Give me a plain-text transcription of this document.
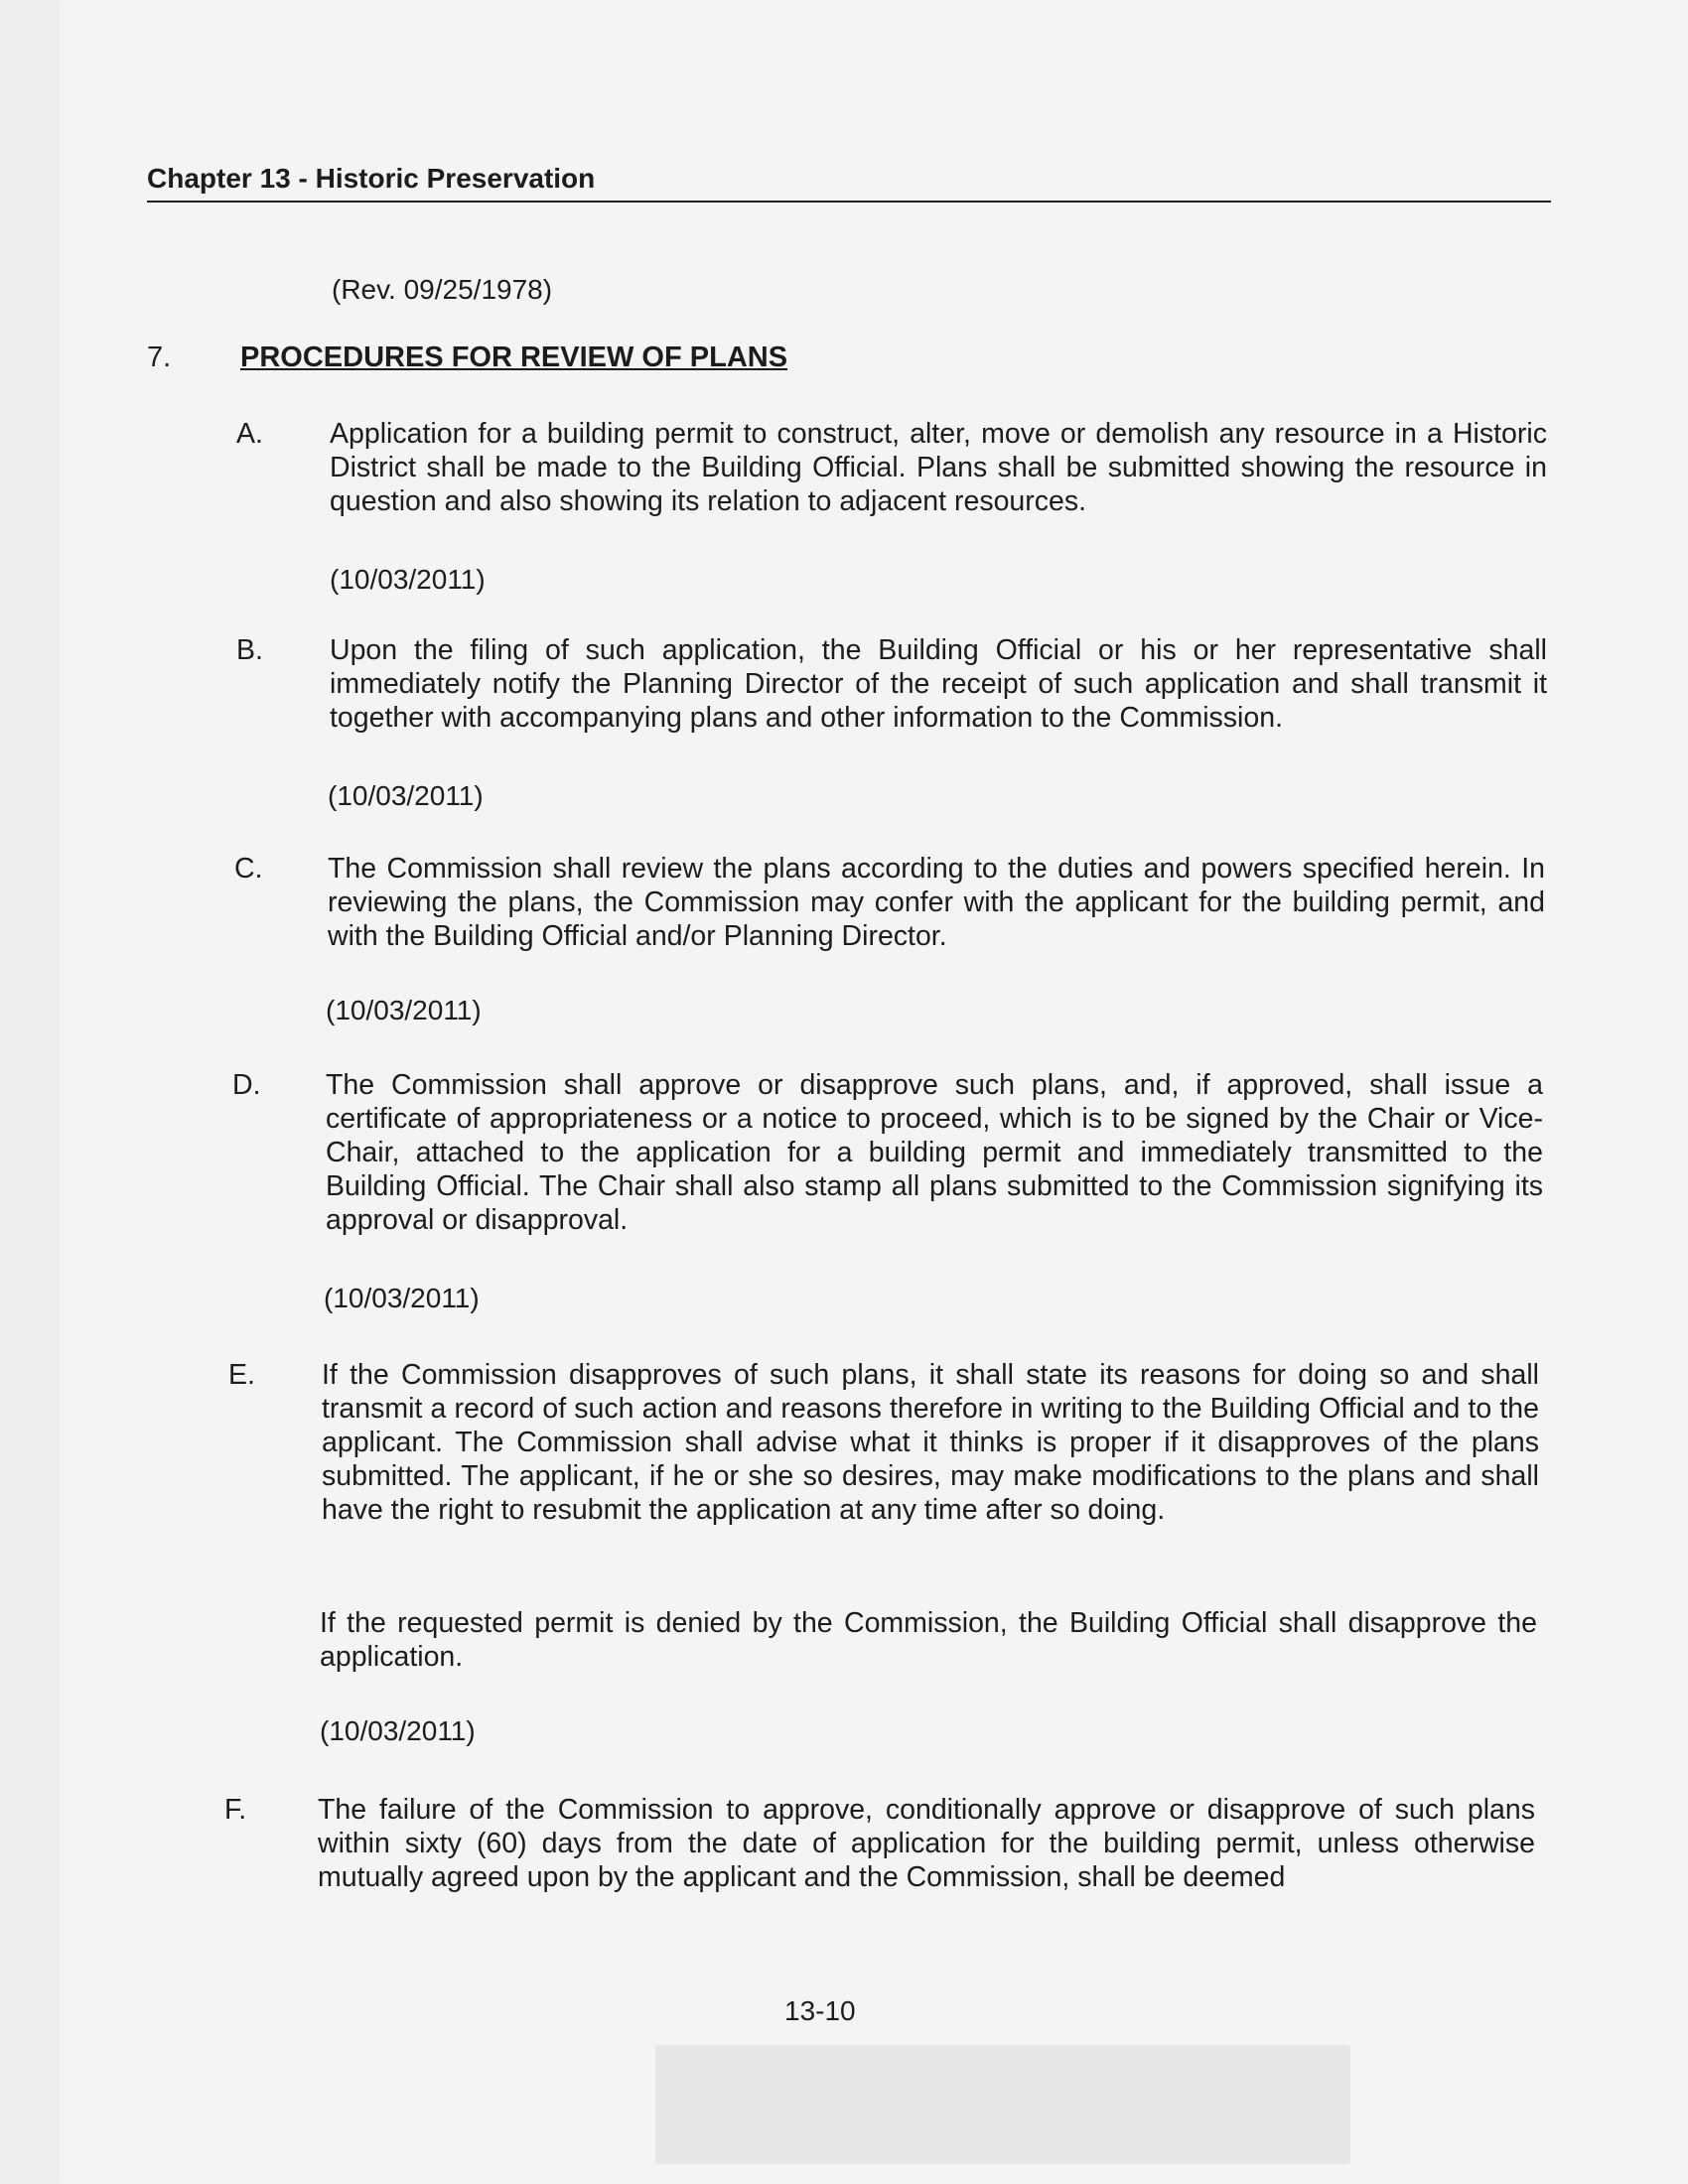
Chapter 13 - Historic Preservation
(Rev. 09/25/1978)
7. PROCEDURES FOR REVIEW OF PLANS
A. Application for a building permit to construct, alter, move or demolish any resource in a Historic District shall be made to the Building Official. Plans shall be submitted showing the resource in question and also showing its relation to adjacent resources.
(10/03/2011)
B. Upon the filing of such application, the Building Official or his or her representative shall immediately notify the Planning Director of the receipt of such application and shall transmit it together with accompanying plans and other information to the Commission.
(10/03/2011)
C. The Commission shall review the plans according to the duties and powers specified herein. In reviewing the plans, the Commission may confer with the applicant for the building permit, and with the Building Official and/or Planning Director.
(10/03/2011)
D. The Commission shall approve or disapprove such plans, and, if approved, shall issue a certificate of appropriateness or a notice to proceed, which is to be signed by the Chair or Vice- Chair, attached to the application for a building permit and immediately transmitted to the Building Official. The Chair shall also stamp all plans submitted to the Commission signifying its approval or disapproval.
(10/03/2011)
E. If the Commission disapproves of such plans, it shall state its reasons for doing so and shall transmit a record of such action and reasons therefore in writing to the Building Official and to the applicant. The Commission shall advise what it thinks is proper if it disapproves of the plans submitted. The applicant, if he or she so desires, may make modifications to the plans and shall have the right to resubmit the application at any time after so doing.
If the requested permit is denied by the Commission, the Building Official shall disapprove the application.
(10/03/2011)
F.	The failure of the Commission to approve, conditionally approve or disapprove of such plans within sixty (60) days from the date of application for the building permit, unless otherwise mutually agreed upon by the applicant and the Commission, shall be deemed
13-10
